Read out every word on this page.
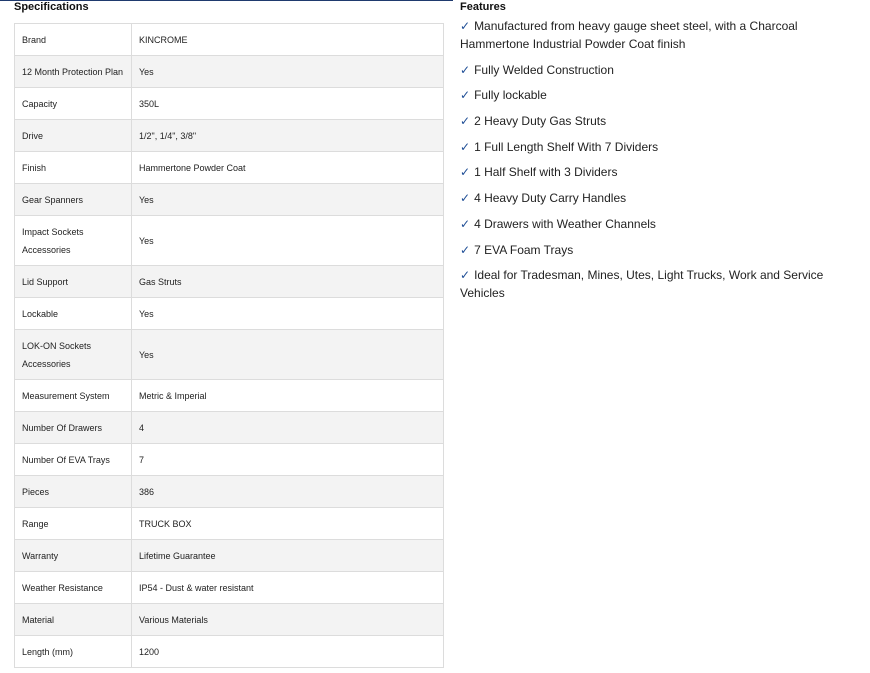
Specifications
Brand	KINCROME
12 Month Protection Plan	Yes
Capacity	350L
Drive	1/2", 1/4", 3/8"
Finish	Hammertone Powder Coat
Gear Spanners	Yes
Impact Sockets Accessories	Yes
Lid Support	Gas Struts
Lockable	Yes
LOK-ON Sockets Accessories	Yes
Measurement System	Metric & Imperial
Number Of Drawers	4
Number Of EVA Trays	7
Pieces	386
Range	TRUCK BOX
Warranty	Lifetime Guarantee
Weather Resistance	IP54 - Dust & water resistant
Material	Various Materials
Length (mm)	1200
Features
✓ Manufactured from heavy gauge sheet steel, with a Charcoal Hammertone Industrial Powder Coat finish
✓ Fully Welded Construction
✓ Fully lockable
✓ 2 Heavy Duty Gas Struts
✓ 1 Full Length Shelf With 7 Dividers
✓ 1 Half Shelf with 3 Dividers
✓ 4 Heavy Duty Carry Handles
✓ 4 Drawers with Weather Channels
✓ 7 EVA Foam Trays
✓ Ideal for Tradesman, Mines, Utes, Light Trucks, Work and Service Vehicles
